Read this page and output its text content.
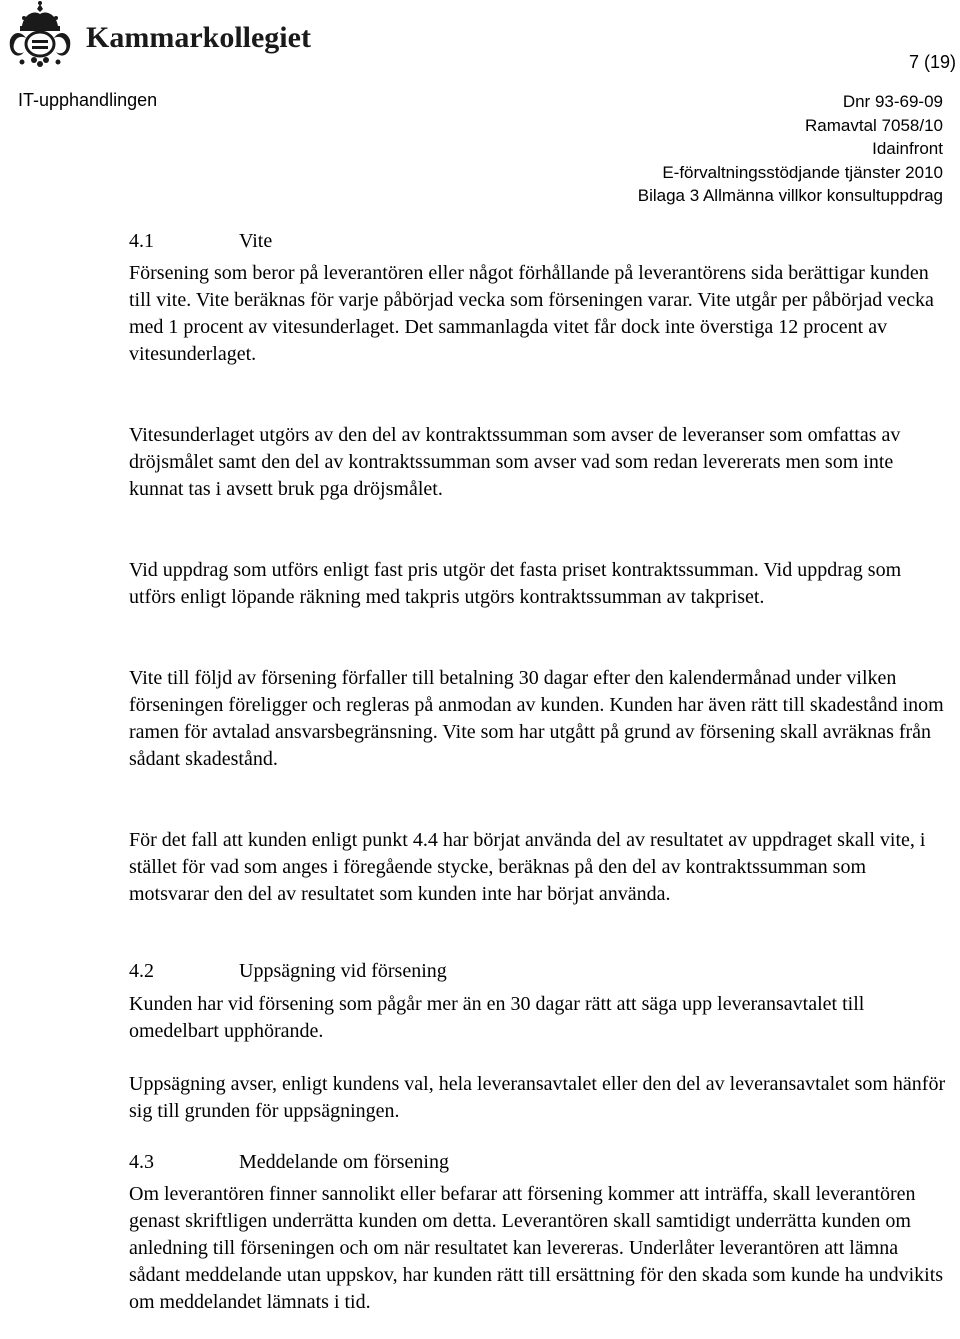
Kammarkollegiet
7 (19)
IT-upphandlingen	Dnr 93-69-09
Ramavtal 7058/10
Idainfront
E-förvaltningsstödjande tjänster 2010
Bilaga 3 Allmänna villkor konsultuppdrag
4.1	Vite

Försening som beror på leverantören eller något förhållande på leverantörens sida berättigar kunden till vite. Vite beräknas för varje påbörjad vecka som förseningen varar. Vite utgår per påbörjad vecka med 1 procent av vitesunderlaget. Det sammanlagda vitet får dock inte överstiga 12 procent av vitesunderlaget.

Vitesunderlaget utgörs av den del av kontraktssumman som avser de leveranser som omfattas av dröjsmålet samt den del av kontraktssumman som avser vad som redan levererats men som inte kunnat tas i avsett bruk pga dröjsmålet.

Vid uppdrag som utförs enligt fast pris utgör det fasta priset kontraktssumman. Vid uppdrag som utförs enligt löpande räkning med takpris utgörs kontraktssumman av takpriset.

Vite till följd av försening förfaller till betalning 30 dagar efter den kalendermånad under vilken förseningen föreligger och regleras på anmodan av kunden. Kunden har även rätt till skadestånd inom ramen för avtalad ansvarsbegränsning. Vite som har utgått på grund av försening skall avräknas från sådant skadestånd.

För det fall att kunden enligt punkt 4.4 har börjat använda del av resultatet av uppdraget skall vite, i stället för vad som anges i föregående stycke, beräknas på den del av kontraktssumman som motsvarar den del av resultatet som kunden inte har börjat använda.

4.2	Uppsägning vid försening

Kunden har vid försening som pågår mer än en 30 dagar rätt att säga upp leveransavtalet till omedelbart upphörande.

Uppsägning avser, enligt kundens val, hela leveransavtalet eller den del av leveransavtalet som hänför sig till grunden för uppsägningen.

4.3	Meddelande om försening

Om leverantören finner sannolikt eller befarar att försening kommer att inträffa, skall leverantören genast skriftligen underrätta kunden om detta. Leverantören skall samtidigt underrätta kunden om anledning till förseningen och om när resultatet kan levereras. Underlåter leverantören att lämna sådant meddelande utan uppskov, har kunden rätt till ersättning för den skada som kunde ha undvikits om meddelandet lämnats i tid.
